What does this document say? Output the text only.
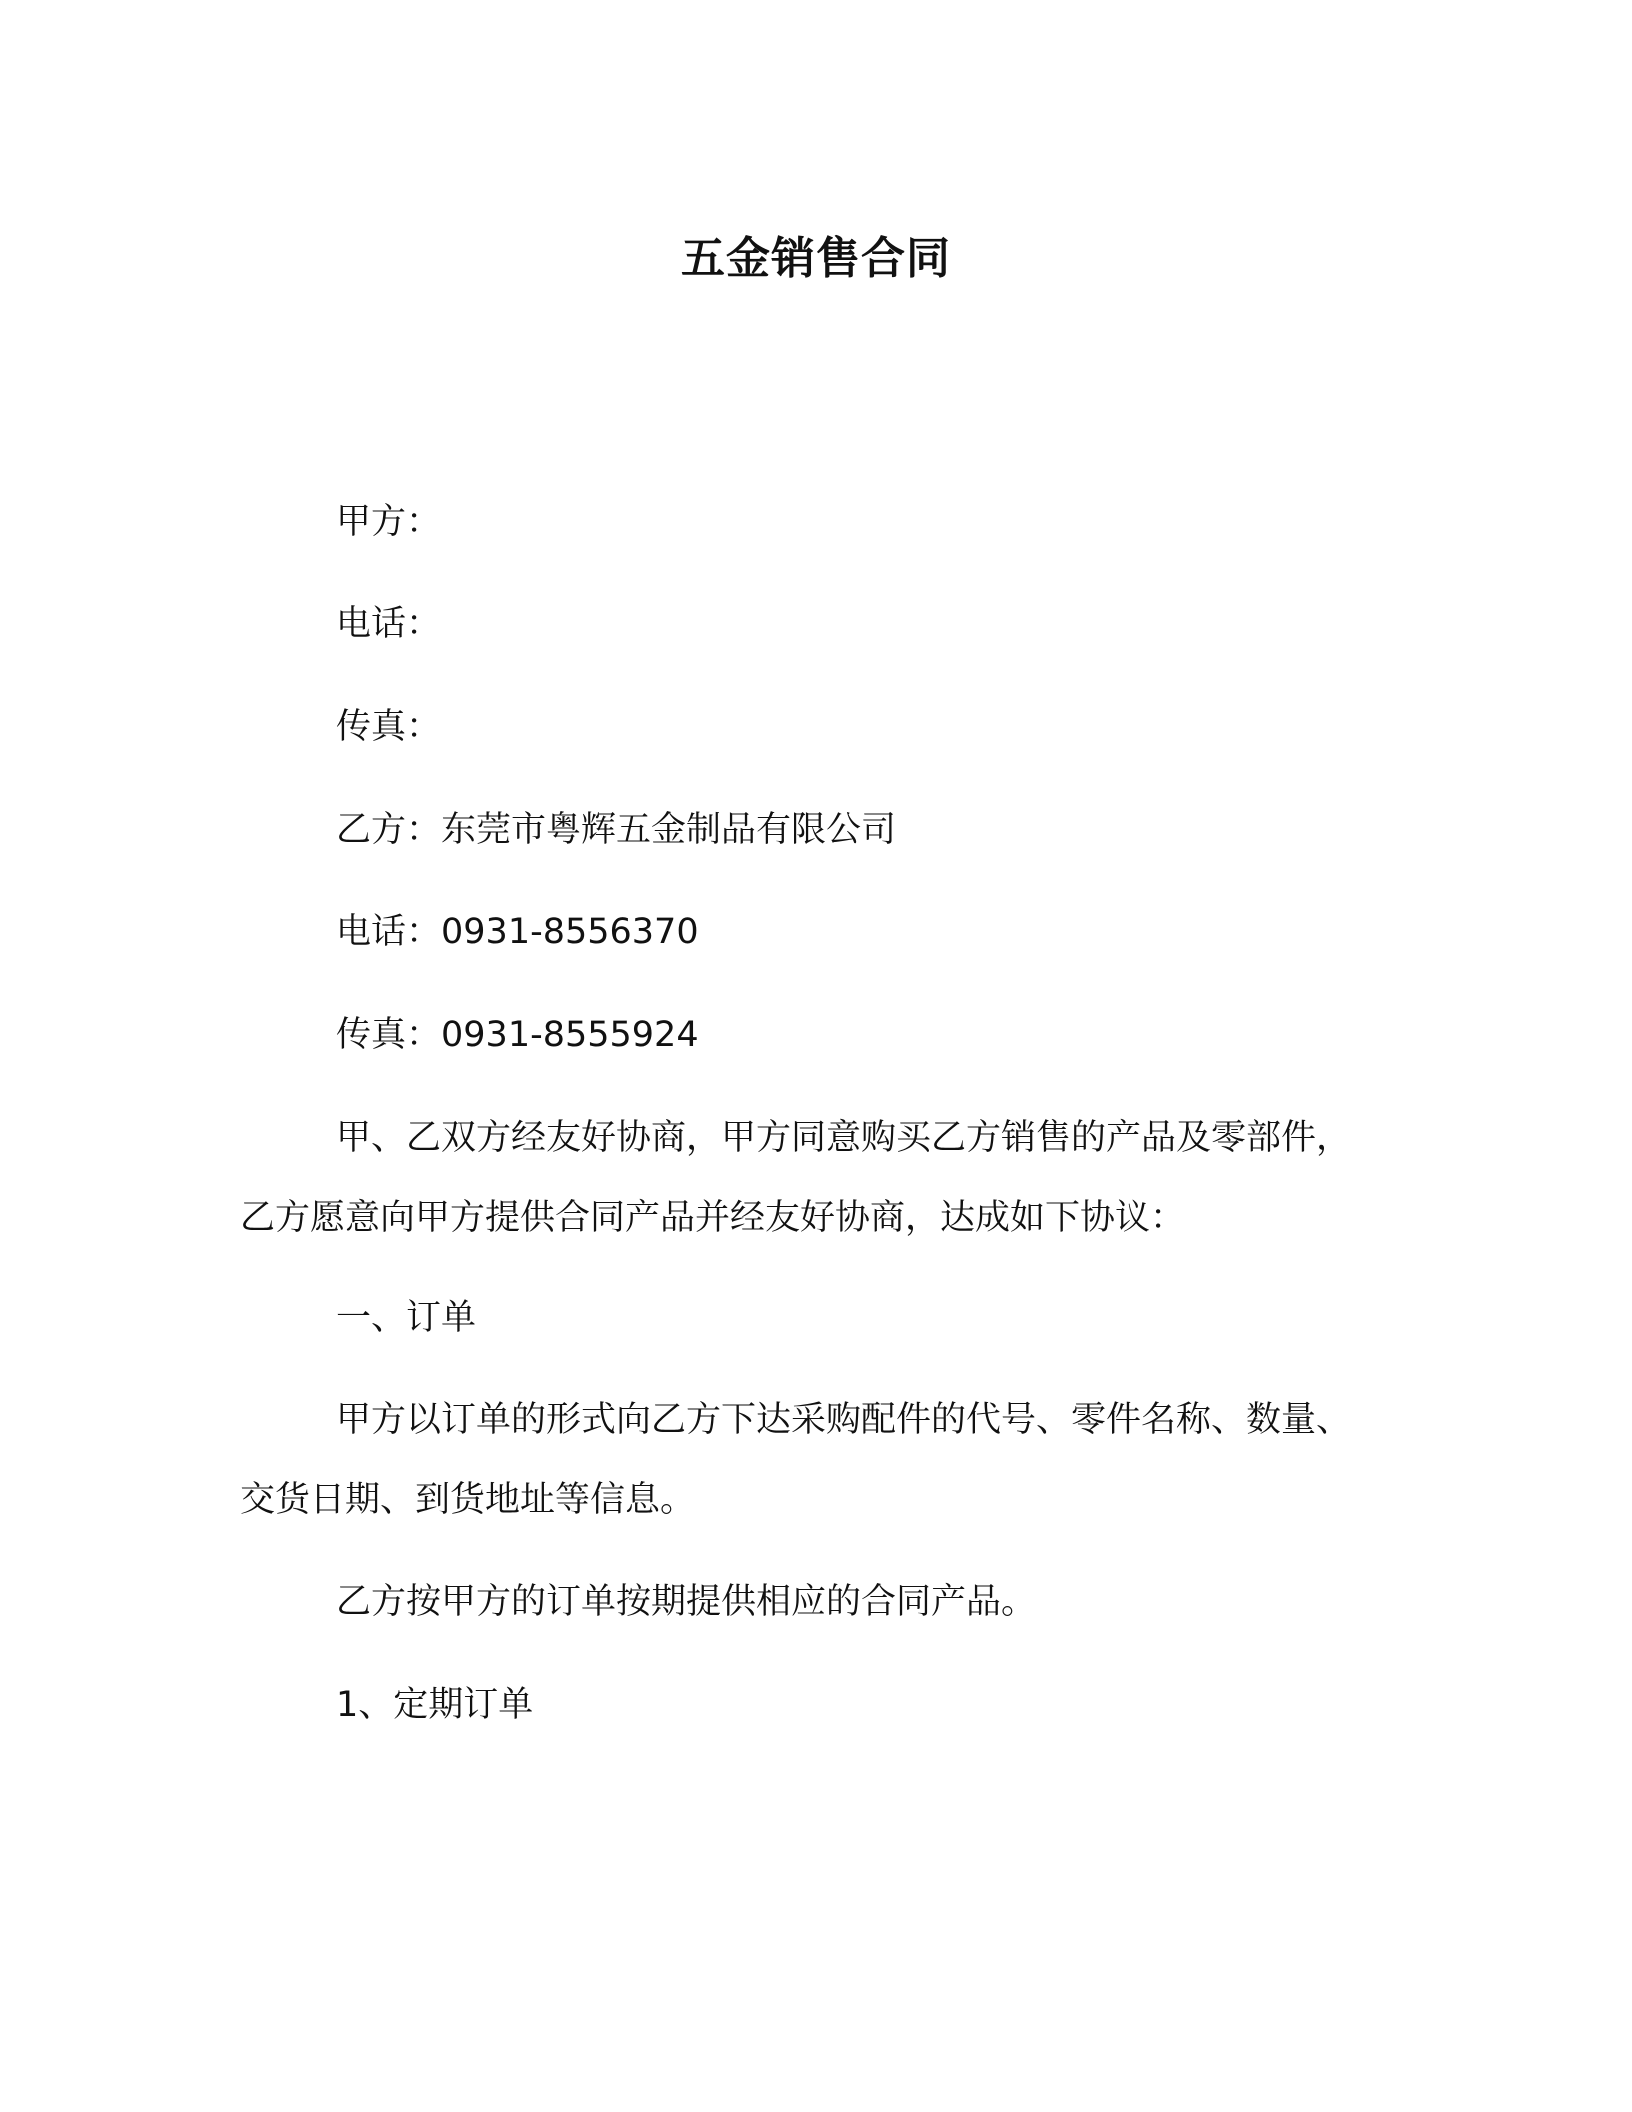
五金销售合同

甲方：

电话：

传真：

乙方：东莞市粤辉五金制品有限公司

电话：0931-8556370

传真：0931-8555924

甲、乙双方经友好协商，甲方同意购买乙方销售的产品及零部件，

乙方愿意向甲方提供合同产品并经友好协商，达成如下协议：

一、订单

甲方以订单的形式向乙方下达采购配件的代号、零件名称、数量、

交货日期、到货地址等信息。

乙方按甲方的订单按期提供相应的合同产品。

1、定期订单
